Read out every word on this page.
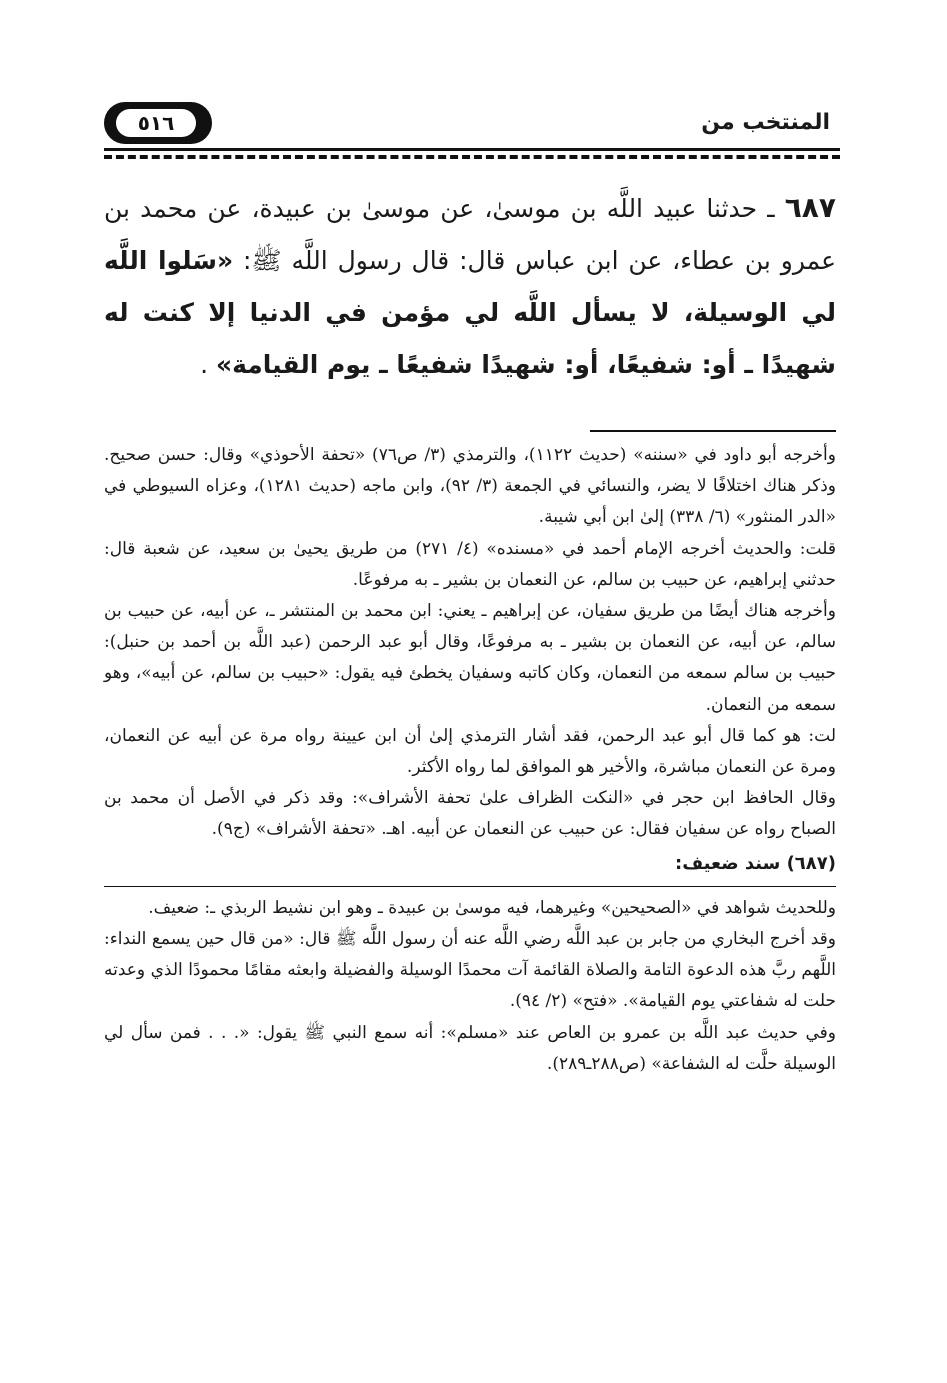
٥١٦	المنتخب من
٦٨٧ ـ حدثنا عبيد اللَّه بن موسىٰ، عن موسىٰ بن عبيدة، عن محمد بن عمرو بن عطاء، عن ابن عباس قال: قال رسول اللَّه ﷺ: «سَلوا اللَّه لي الوسيلة، لا يسأل اللَّه لي مؤمن في الدنيا إلا كنت له شهيدًا ـ أو: شفيعًا، أو: شهيدًا شفيعًا ـ يوم القيامة» .

وأخرجه أبو داود في «سننه» (حديث ١١٢٢)، والترمذي (٣/ ص٧٦) «تحفة الأحوذي» وقال: حسن صحيح. وذكر هناك اختلافًا لا يضر، والنسائي في الجمعة (٣/ ٩٢)، وابن ماجه (حديث ١٢٨١)، وعزاه السيوطي في «الدر المنثور» (٦/ ٣٣٨) إلىٰ ابن أبي شيبة.

قلت: والحديث أخرجه الإمام أحمد في «مسنده» (٤/ ٢٧١) من طريق يحيىٰ بن سعيد، عن شعبة قال: حدثني إبراهيم، عن حبيب بن سالم، عن النعمان بن بشير ـ به مرفوعًا.

وأخرجه هناك أيضًا من طريق سفيان، عن إبراهيم ـ يعني: ابن محمد بن المنتشر ـ، عن أبيه، عن حبيب بن سالم، عن أبيه، عن النعمان بن بشير ـ به مرفوعًا، وقال أبو عبد الرحمن (عبد اللَّه بن أحمد بن حنبل): حبيب بن سالم سمعه من النعمان، وكان كاتبه وسفيان يخطئ فيه يقول: «حبيب بن سالم، عن أبيه»، وهو سمعه من النعمان.

لت: هو كما قال أبو عبد الرحمن، فقد أشار الترمذي إلىٰ أن ابن عيينة رواه مرة عن أبيه عن النعمان، ومرة عن النعمان مباشرة، والأخير هو الموافق لما رواه الأكثر.

وقال الحافظ ابن حجر في «النكت الظراف علىٰ تحفة الأشراف»: وقد ذكر في الأصل أن محمد بن الصباح رواه عن سفيان فقال: عن حبيب عن النعمان عن أبيه. اهـ. «تحفة الأشراف» (ج٩).

(٦٨٧) سند ضعيف:

وللحديث شواهد في «الصحيحين» وغيرهما، فيه موسىٰ بن عبيدة ـ وهو ابن نشيط الربذي ـ: ضعيف.

وقد أخرج البخاري من جابر بن عبد اللَّه رضي اللَّه عنه أن رسول اللَّه ﷺ قال: «من قال حين يسمع النداء: اللَّهم ربَّ هذه الدعوة التامة والصلاة القائمة آت محمدًا الوسيلة والفضيلة وابعثه مقامًا محمودًا الذي وعدته حلت له شفاعتي يوم القيامة». «فتح» (٢/ ٩٤).

وفي حديث عبد اللَّه بن عمرو بن العاص عند «مسلم»: أنه سمع النبي ﷺ يقول: «. . . فمن سأل لي الوسيلة حلَّت له الشفاعة» (ص٢٨٨ـ٢٨٩).
